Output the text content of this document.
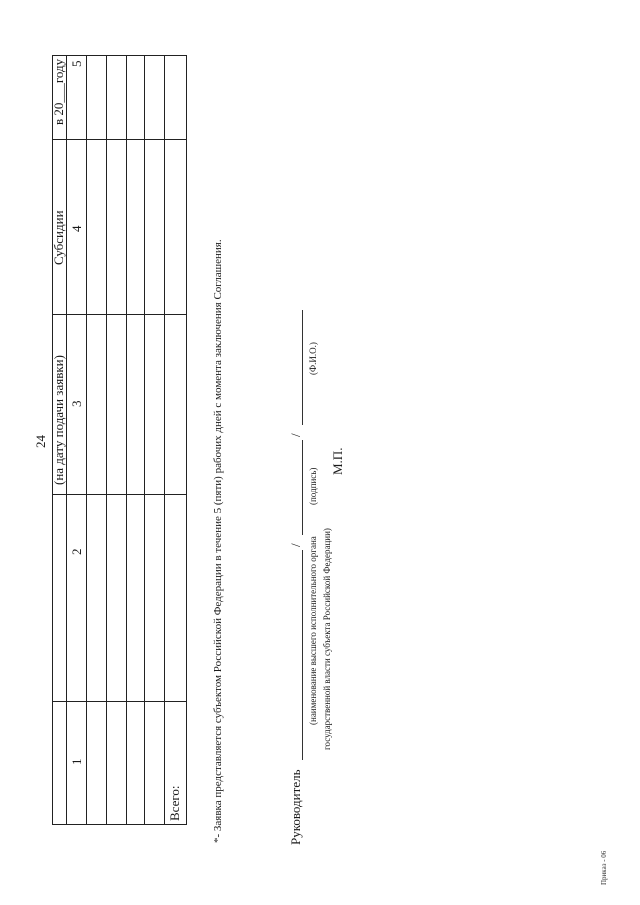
24 (на дату подачи заявки)
Субсидии
в 20___году
1
2
3
4
5
Всего:	*- Заявка представляется субъектом Российской Федерации в течение 5 (пяти) рабочих дней с момента заключения Соглашения.	Руководитель
/
/
(наименование высшего исполнительного органа государственной власти субъекта Российской Федерации)
(подпись)
(Ф.И.О.)
М.П.
Приказ - 06
